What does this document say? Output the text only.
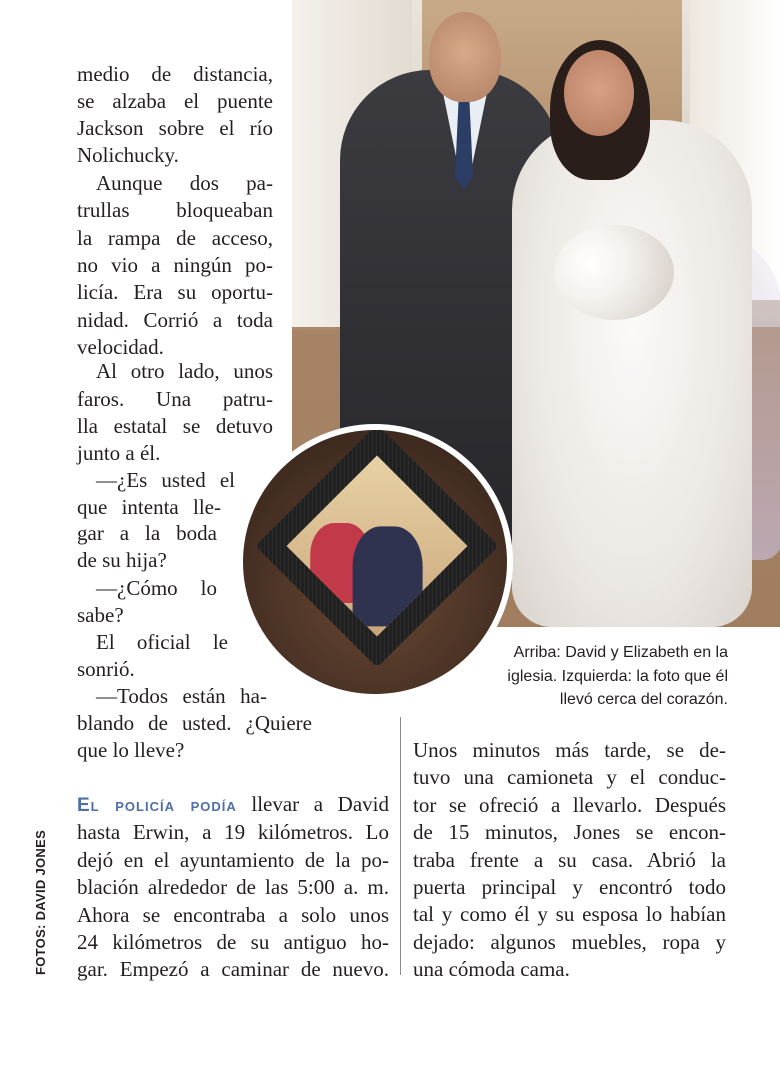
medio de distancia,
se alzaba el puente
Jackson sobre el río
Nolichucky.
Aunque dos pa-
trullas bloqueaban
la rampa de acceso,
no vio a ningún po-
licía. Era su oportu-
nidad. Corrió a toda
velocidad.
Al otro lado, unos
faros. Una patru-
lla estatal se detuvo
junto a él.
—¿Es usted el
que intenta lle-
gar a la boda
de su hija?
—¿Cómo lo
sabe?
El oficial le
sonrió.
—Todos están ha-
blando de usted. ¿Quiere
que lo lleve?
Arriba: David y Elizabeth en la
iglesia. Izquierda: la foto que él
llevó cerca del corazón.
El policía podía llevar a David
hasta Erwin, a 19 kilómetros. Lo
dejó en el ayuntamiento de la po-
blación alrededor de las 5:00 a. m.
Ahora se encontraba a solo unos
24 kilómetros de su antiguo ho-
gar. Empezó a caminar de nuevo.
Unos minutos más tarde, se de-
tuvo una camioneta y el conduc-
tor se ofreció a llevarlo. Después
de 15 minutos, Jones se encon-
traba frente a su casa. Abrió la
puerta principal y encontró todo
tal y como él y su esposa lo habían
dejado: algunos muebles, ropa y
una cómoda cama.
FOTOS: DAVID JONES
